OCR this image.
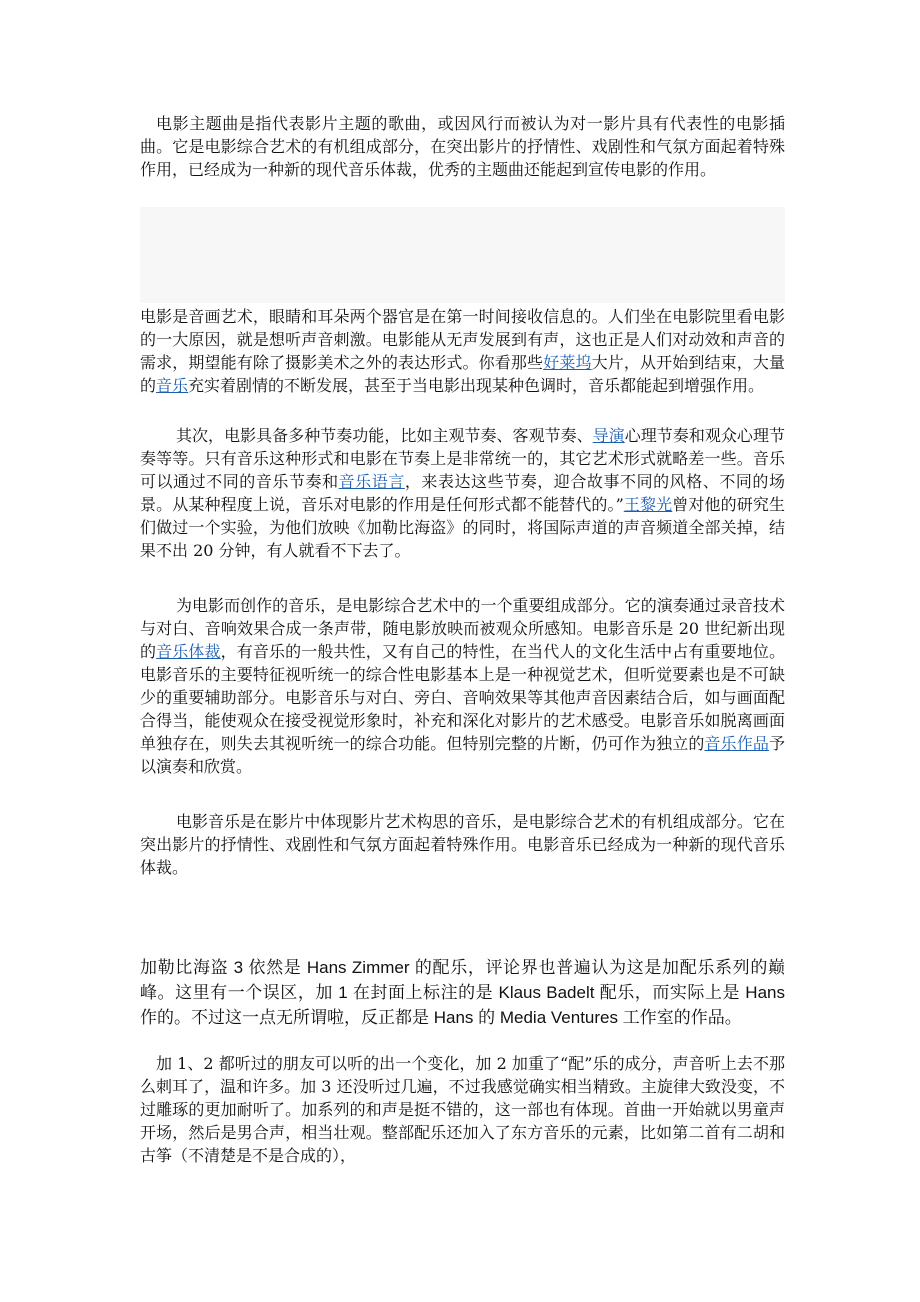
电影主题曲是指代表影片主题的歌曲，或因风行而被认为对一影片具有代表性的电影插曲。它是电影综合艺术的有机组成部分，在突出影片的抒情性、戏剧性和气氛方面起着特殊作用，已经成为一种新的现代音乐体裁，优秀的主题曲还能起到宣传电影的作用。

电影是音画艺术，眼睛和耳朵两个器官是在第一时间接收信息的。人们坐在电影院里看电影的一大原因，就是想听声音刺激。电影能从无声发展到有声，这也正是人们对动效和声音的需求，期望能有除了摄影美术之外的表达形式。你看那些好莱坞大片，从开始到结束，大量的音乐充实着剧情的不断发展，甚至于当电影出现某种色调时，音乐都能起到增强作用。

其次，电影具备多种节奏功能，比如主观节奏、客观节奏、导演心理节奏和观众心理节奏等等。只有音乐这种形式和电影在节奏上是非常统一的，其它艺术形式就略差一些。音乐可以通过不同的音乐节奏和音乐语言，来表达这些节奏，迎合故事不同的风格、不同的场景。从某种程度上说，音乐对电影的作用是任何形式都不能替代的。”王黎光曾对他的研究生们做过一个实验，为他们放映《加勒比海盗》的同时，将国际声道的声音频道全部关掉，结果不出 20 分钟，有人就看不下去了。

为电影而创作的音乐，是电影综合艺术中的一个重要组成部分。它的演奏通过录音技术与对白、音响效果合成一条声带，随电影放映而被观众所感知。电影音乐是 20 世纪新出现的音乐体裁，有音乐的一般共性，又有自己的特性，在当代人的文化生活中占有重要地位。电影音乐的主要特征视听统一的综合性电影基本上是一种视觉艺术，但听觉要素也是不可缺少的重要辅助部分。电影音乐与对白、旁白、音响效果等其他声音因素结合后，如与画面配合得当，能使观众在接受视觉形象时，补充和深化对影片的艺术感受。电影音乐如脱离画面单独存在，则失去其视听统一的综合功能。但特别完整的片断，仍可作为独立的音乐作品予以演奏和欣赏。

电影音乐是在影片中体现影片艺术构思的音乐，是电影综合艺术的有机组成部分。它在突出影片的抒情性、戏剧性和气氛方面起着特殊作用。电影音乐已经成为一种新的现代音乐体裁。

加勒比海盗 3 依然是 Hans Zimmer 的配乐，评论界也普遍认为这是加配乐系列的巅峰。这里有一个误区，加 1 在封面上标注的是 Klaus Badelt 配乐，而实际上是 Hans 作的。不过这一点无所谓啦，反正都是 Hans 的 Media Ventures 工作室的作品。

加 1、2 都听过的朋友可以听的出一个变化，加 2 加重了“配”乐的成分，声音听上去不那么刺耳了，温和许多。加 3 还没听过几遍，不过我感觉确实相当精致。主旋律大致没变，不过雕琢的更加耐听了。加系列的和声是挺不错的，这一部也有体现。首曲一开始就以男童声开场，然后是男合声，相当壮观。整部配乐还加入了东方音乐的元素，比如第二首有二胡和古筝（不清楚是不是合成的），
